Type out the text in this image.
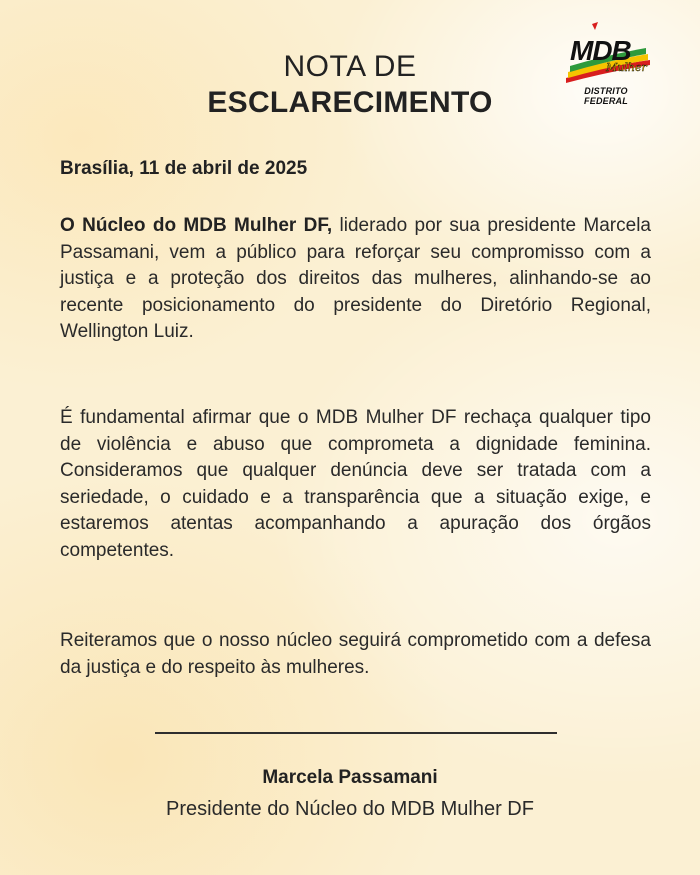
NOTA DE
ESCLARECIMENTO
MDB
Mulher
DISTRITO FEDERAL
Brasília, 11 de abril de 2025
O Núcleo do MDB Mulher DF, liderado por sua presidente Marcela Passamani, vem a público para reforçar seu compromisso com a justiça e a proteção dos direitos das mulheres, alinhando-se ao recente posicionamento do presidente do Diretório Regional, Wellington Luiz.
É fundamental afirmar que o MDB Mulher DF rechaça qualquer tipo de violência e abuso que comprometa a dignidade feminina. Consideramos que qualquer denúncia deve ser tratada com a seriedade, o cuidado e a transparência que a situação exige, e estaremos atentas acompanhando a apuração dos órgãos competentes.
Reiteramos que o nosso núcleo seguirá comprometido com a defesa da justiça e do respeito às mulheres.
Marcela Passamani
Presidente do Núcleo do MDB Mulher DF
